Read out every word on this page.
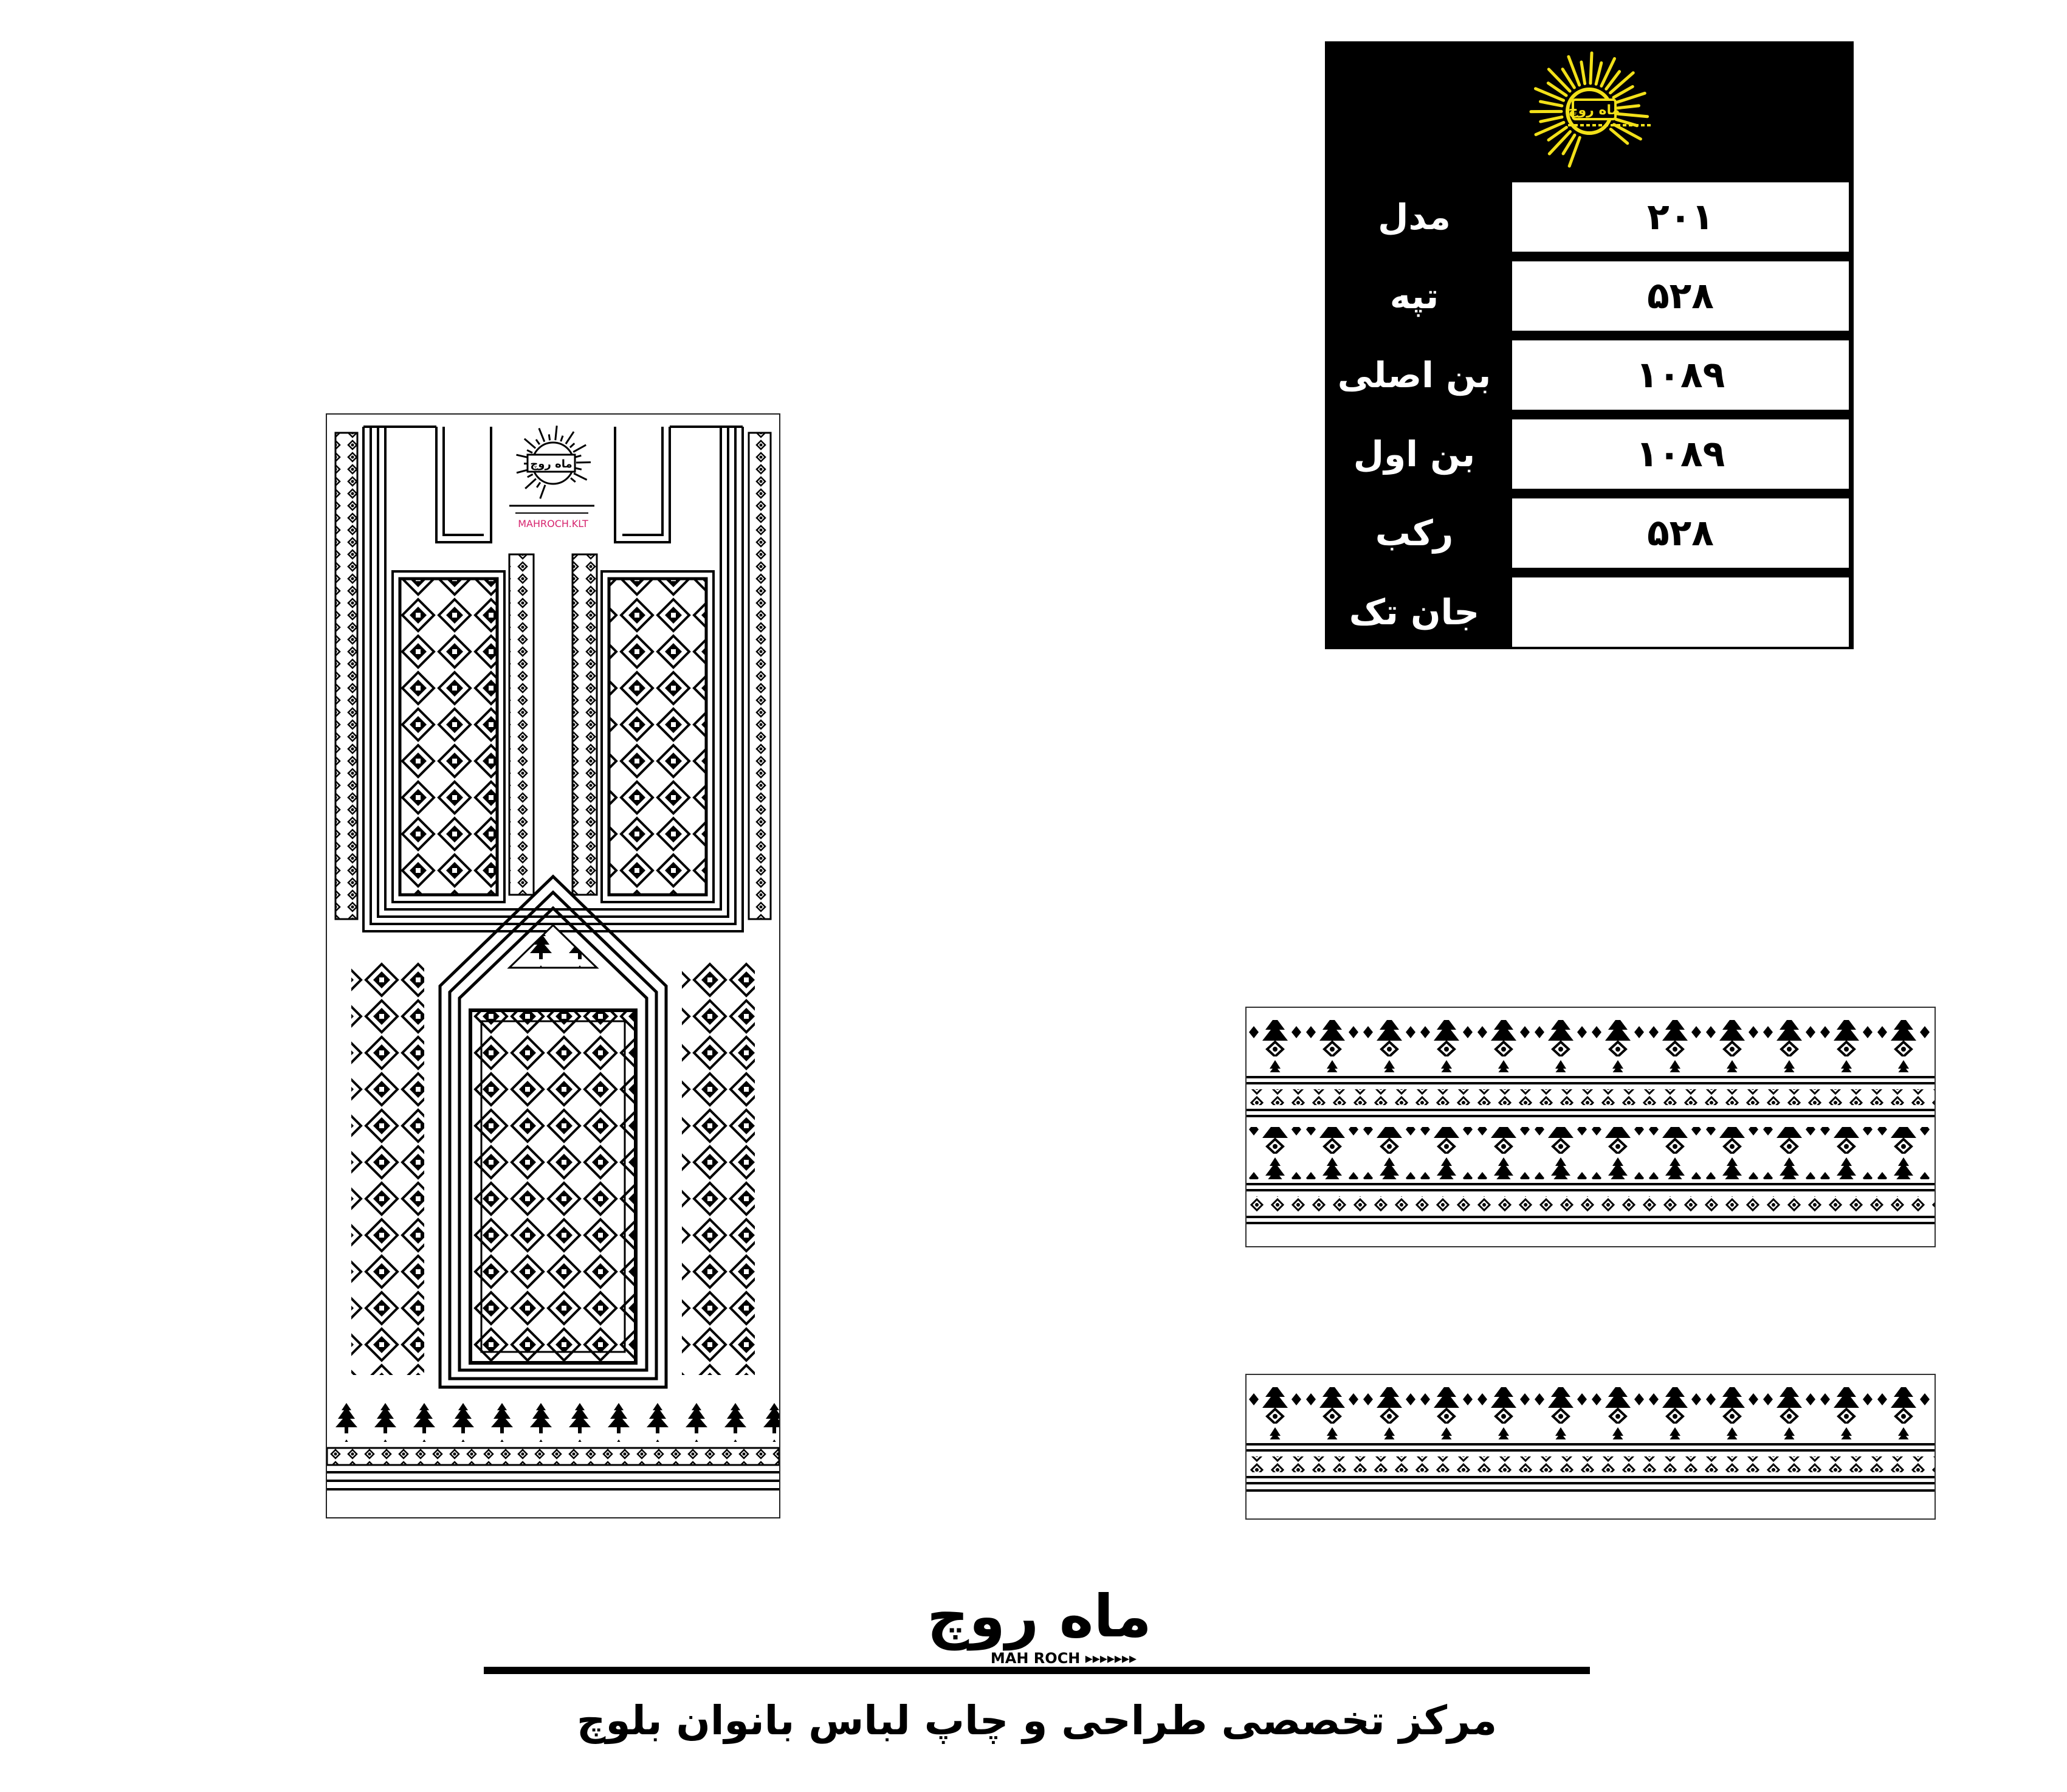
ماه روچ
۲۰۱
مدل
۵۲۸
تپه
۱۰۸۹
بن اصلی
۱۰۸۹
بن اول
۵۲۸
رکب
جان تک
ماه روچ
MAHROCH.KLT
ماه روچ
MAH ROCH ▸▸▸▸▸▸▸
مرکز تخصصی طراحی و چاپ لباس بانوان بلوچ
